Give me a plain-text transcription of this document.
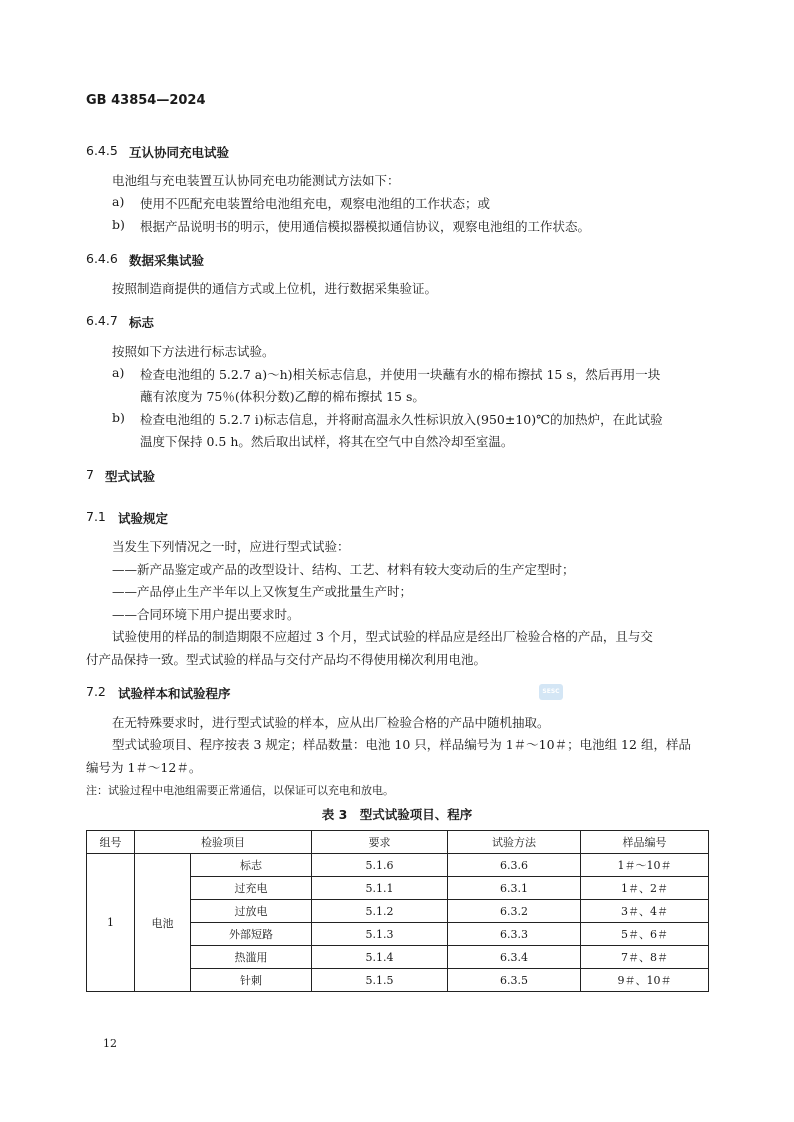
GB 43854—2024
6.4.5 互认协同充电试验
电池组与充电装置互认协同充电功能测试方法如下：
a) 使用不匹配充电装置给电池组充电，观察电池组的工作状态；或
b) 根据产品说明书的明示，使用通信模拟器模拟通信协议，观察电池组的工作状态。
6.4.6 数据采集试验
按照制造商提供的通信方式或上位机，进行数据采集验证。
6.4.7 标志
按照如下方法进行标志试验。
a) 检查电池组的 5.2.7 a)～h)相关标志信息，并使用一块蘸有水的棉布擦拭 15 s，然后再用一块
蘸有浓度为 75％(体积分数)乙醇的棉布擦拭 15 s。
b) 检查电池组的 5.2.7 i)标志信息，并将耐高温永久性标识放入(950±10)℃的加热炉，在此试验
温度下保持 0.5 h。然后取出试样，将其在空气中自然冷却至室温。
7 型式试验
7.1 试验规定
当发生下列情况之一时，应进行型式试验：
——新产品鉴定或产品的改型设计、结构、工艺、材料有较大变动后的生产定型时；
——产品停止生产半年以上又恢复生产或批量生产时；
——合同环境下用户提出要求时。
试验使用的样品的制造期限不应超过 3 个月，型式试验的样品应是经出厂检验合格的产品，且与交
付产品保持一致。型式试验的样品与交付产品均不得使用梯次利用电池。
7.2 试验样本和试验程序	SESC
在无特殊要求时，进行型式试验的样本，应从出厂检验合格的产品中随机抽取。
型式试验项目、程序按表 3 规定；样品数量：电池 10 只，样品编号为 1＃～10＃；电池组 12 组，样品
编号为 1＃～12＃。
注：试验过程中电池组需要正常通信，以保证可以充电和放电。
表 3　型式试验项目、程序
组号	检验项目		要求	试验方法	样品编号
1	电池	标志	5.1.6	6.3.6	1＃～10＃
		过充电	5.1.1	6.3.1	1＃、2＃
		过放电	5.1.2	6.3.2	3＃、4＃
		外部短路	5.1.3	6.3.3	5＃、6＃
		热滥用	5.1.4	6.3.4	7＃、8＃
		针刺	5.1.5	6.3.5	9＃、10＃
12
